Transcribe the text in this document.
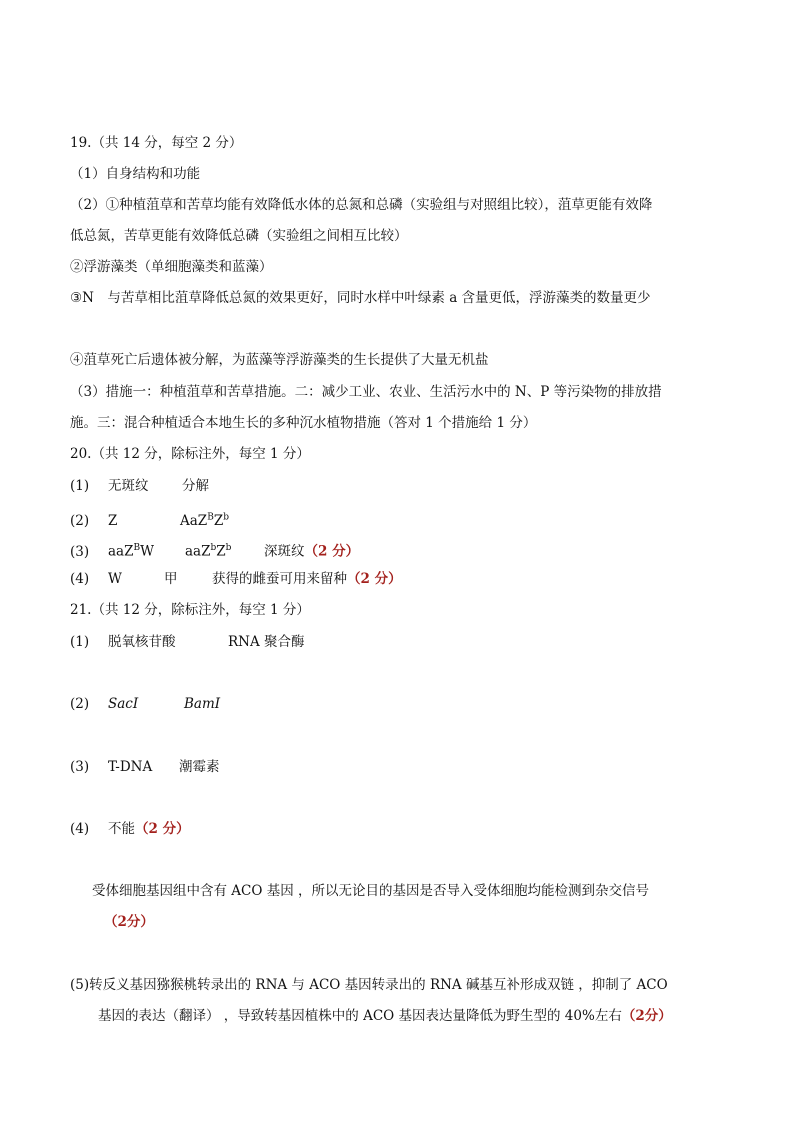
19.（共 14 分，每空 2 分）
（1）自身结构和功能
（2）①种植菹草和苦草均能有效降低水体的总氮和总磷（实验组与对照组比较），菹草更能有效降
低总氮，苦草更能有效降低总磷（实验组之间相互比较）
②浮游藻类（单细胞藻类和蓝藻）
③N　与苦草相比菹草降低总氮的效果更好，同时水样中叶绿素 a 含量更低，浮游藻类的数量更少
④菹草死亡后遗体被分解，为蓝藻等浮游藻类的生长提供了大量无机盐
（3）措施一：种植菹草和苦草措施。二：减少工业、农业、生活污水中的 N、P 等污染物的排放措
施。三：混合种植适合本地生长的多种沉水植物措施（答对 1 个措施给 1 分）
20.（共 12 分，除标注外，每空 1 分）
(1) 无斑纹 分解
(2) Z	$AaZ^BZ^b$
(3) aaZ$^B$W $aaZ^bZ^b$ 深斑纹（2 分）
(4) W	甲	获得的雌蚕可用来留种（2 分）
21.（共 12 分，除标注外，每空 1 分）
(1) 脱氧核苷酸	RNA 聚合酶
(2) SacI	BamI
(3) T-DNA 潮霉素
(4) 不能（2 分）
受体细胞基因组中含有 ACO 基因 ，所以无论目的基因是否导入受体细胞均能检测到杂交信号
（2分）
(5)转反义基因猕猴桃转录出的 RNA 与 ACO 基因转录出的 RNA 碱基互补形成双链 ，抑制了 ACO
基因的表达（翻译） ，导致转基因植株中的 ACO 基因表达量降低为野生型的 40%左右（2分）
